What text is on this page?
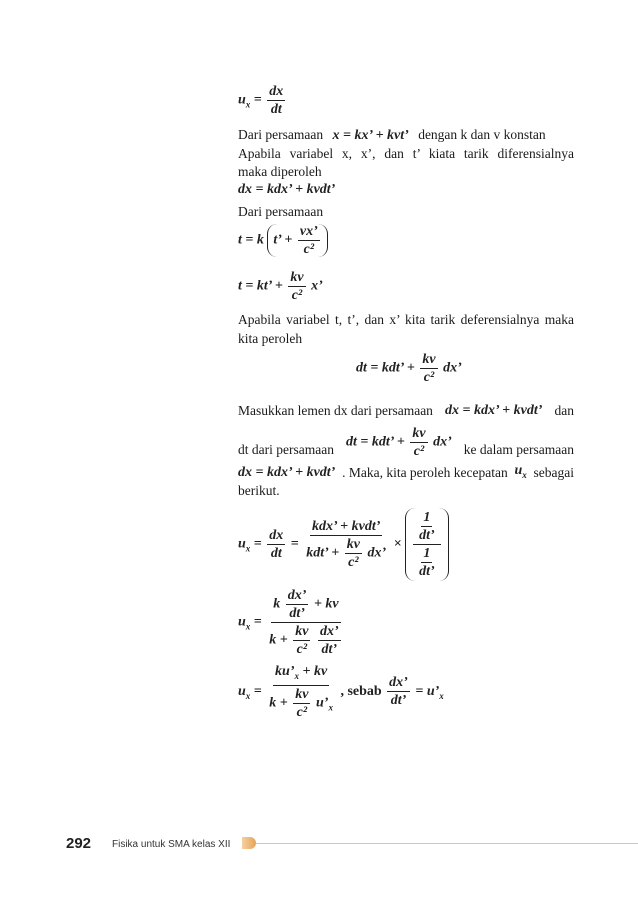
$u_x = \frac{dx}{dt}$
Dari persamaan x = kx’ + kvt’ dengan k dan v konstan
Apabila variabel x, x’, dan t’ kiata tarik diferensialnya
maka diperoleh
dx = kdx’ + kvdt’
Dari persamaan
t = k t’ + $\frac{vx’}{\text{c²}}$
t = kt’ + $\frac{kv}{\text{c²}} x$’
Apabila variabel t, t’, dan x’ kita tarik deferensialnya maka
kita peroleh
dt = kdt’ + $\frac{kv}{\text{c²}}$ dx’
Masukkan lemen dx dari persamaan dx = kdx’ + kvdt’ dan
dt dari persamaan dt = kdt’ + $\frac{kv}{\text{c²}}$ dx’ ke dalam persamaan
dx = kdx’ + kvdt’ . Maka, kita peroleh kecepatan $u_x$ sebagai
berikut.
$u_x = \frac{dx}{dt} = \frac{\text{kdx’ + kvdt’}}{kdt’ + \frac{kv}{\text{c²}} dx’}$ ×
$\frac{1}{dt’}$
$\frac{1}{dt’}$
$u_x = k \frac{dx’}{dt’}$ + kv
$k + \frac{kv}{\text{c²}}$
$\frac{dx’}{dt’}$
$u_x = \frac{ku’_x + kv}{k + \frac{kv}{\text{c²}} u’_x}$ , sebab $\frac{dx’}{dt’}$ = $u’_x$
292 Fisika untuk SMA kelas XII
